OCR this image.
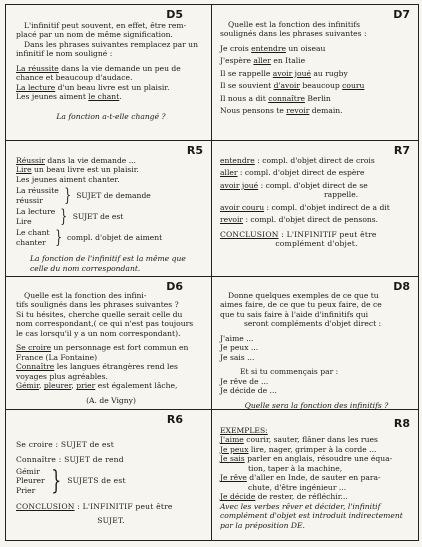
D5

L'infinitif peut souvent, en effet, être rem-

placé par un nom de même signification.

Dans les phrases suivantes remplacez par un

infinitif le nom souligné :

La réussite dans la vie demande un peu de

chance et beaucoup d'audace.

La lecture d'un beau livre est un plaisir.

Les jeunes aiment le chant.

La fonction a-t-elle changé ?

D7

Quelle est la fonction des infinitifs

soulignés dans les phrases suivantes :

Je crois entendre un oiseau

J'espère aller en Italie

Il se rappelle avoir joué au rugby

Il se souvient d'avoir beaucoup couru

Il nous a dit connaître Berlin

Nous pensons te revoir demain.

R5

Réussir dans la vie demande ...

Lire un beau livre est un plaisir.

Les jeunes aiment chanter.

La réussite
réussir	} SUJET de demande
La lecture
Lire	} SUJET de est
Le chant
chanter } compl. d'objet de aiment

La fonction de l'infinitif est la même que

celle du nom correspondant.

R7

entendre : compl. d'objet direct de crois

aller : compl. d'objet direct de espère

avoir joué : compl. d'objet direct de se

rappelle.

avoir couru : compl. d'objet indirect de a dit

revoir : compl. d'objet direct de pensons.

CONCLUSION : L'INFINITIF peut être

complément d'objet.

D6

Quelle est la fonction des infini-

tifs soulignés dans les phrases suivantes ?

Si tu hésites, cherche quelle serait celle du

nom correspondant,( ce qui n'est pas toujours

le cas lorsqu'il y a un nom correspondant).

Se croire un personnage est fort commun en

France (La Fontaine)

Connaître les langues étrangères rend les

voyages plus agréables.

Gémir, pleurer, prier est également lâche,

(A. de Vigny)

D8

Donne quelques exemples de ce que tu

aimes faire, de ce que tu peux faire, de ce

que tu sais faire à l'aide d'infinitifs qui

seront compléments d'objet direct :

J'aime ...

Je peux ...

Je sais ...

Et si tu commençais par :

Je rêve de ...

Je décide de ...

Quelle sera la fonction des infinitifs ?

R6

Se croire : SUJET de est

Connaître : SUJET de rend

Gémir
Pleurer
Prier } SUJETS de est

CONCLUSION : L'INFINITIF peut être

SUJET.

R8

EXEMPLES:

J'aime courir, sauter, flâner dans les rues

Je peux lire, nager, grimper à la corde ...

Je sais parler en anglais, résoudre une équa-

tion, taper à la machine,

Je rêve d'aller en Inde, de sauter en para-

chute, d'être ingénieur ...

Je décide de rester, de réfléchir...

Avec les verbes rêver et décider, l'infinitif

complément d'objet est introduit indirectement

par la préposition DE.
